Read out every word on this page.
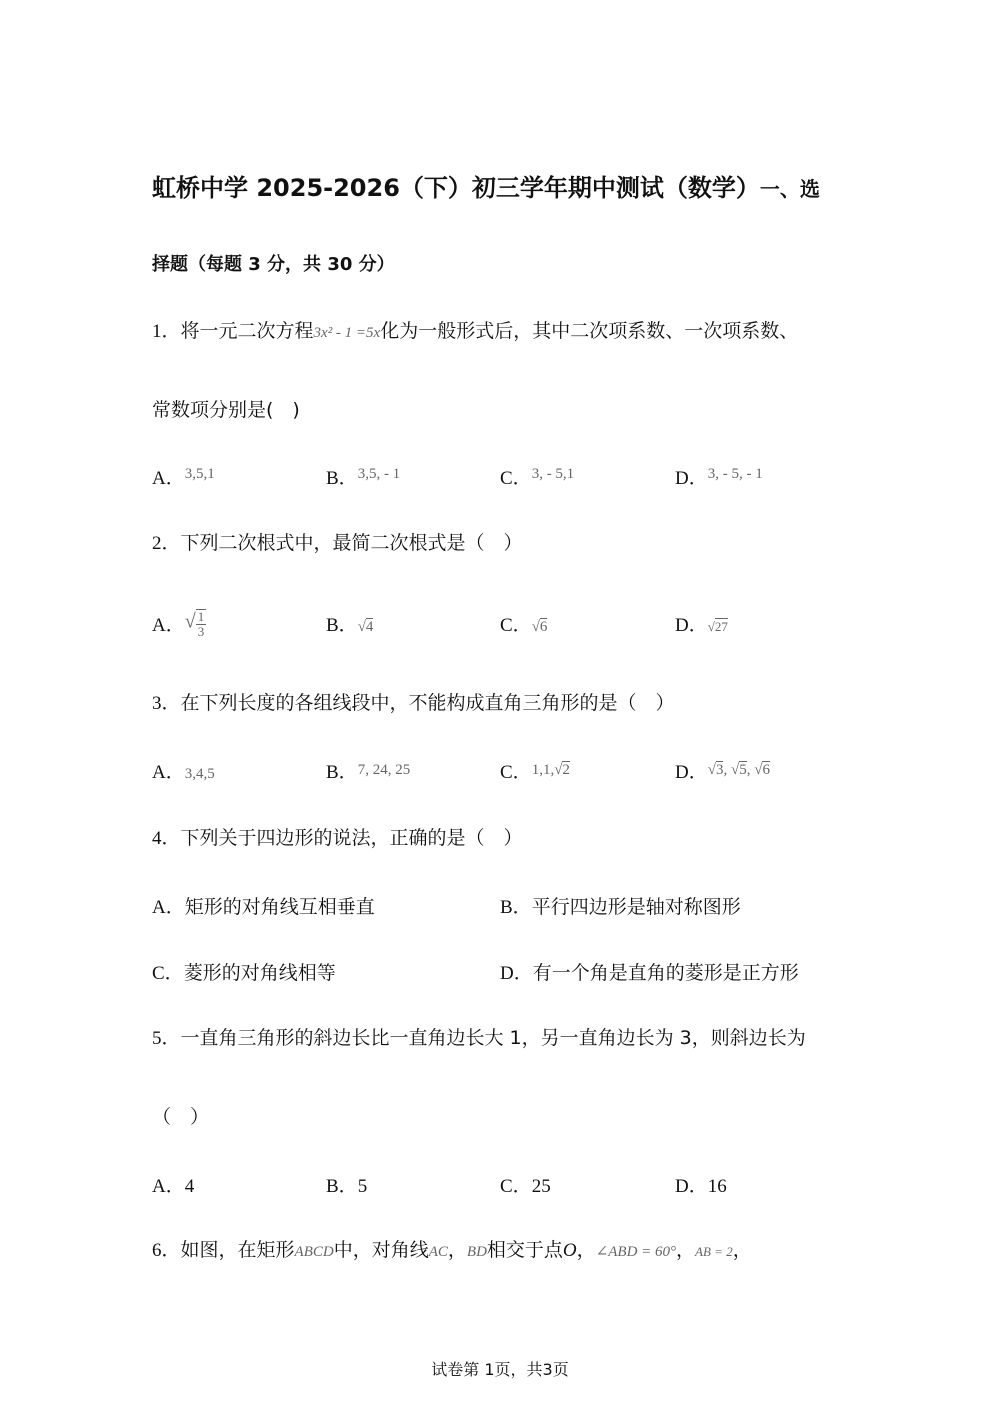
虹桥中学 2025-2026（下）初三学年期中测试（数学）一、选
择题（每题 3 分，共 30 分）
1．将一元二次方程3x² - 1 =5x化为一般形式后，其中二次项系数、一次项系数、
常数项分别是(　)
A．$^{3,5,1}$	B．$^{3,5, - 1}$	C．$^{3, - 5,1}$	D．$^{3, - 5, - 1}$
2．下列二次根式中，最简二次根式是（　）
A．√ $\frac{1}{3}$	B．√4	C．√6	D．√27
3．在下列长度的各组线段中，不能构成直角三角形的是（　）
A．3,4,5	B．$^{7, 24, 25}$	C．$^{1,1,√2}$	D．$^{√3, √5, √6}$
4．下列关于四边形的说法，正确的是（　）
A．矩形的对角线互相垂直	B．平行四边形是轴对称图形
C．菱形的对角线相等	D．有一个角是直角的菱形是正方形
5．一直角三角形的斜边长比一直角边长大 1，另一直角边长为 3，则斜边长为
（　）
A．4	B．5	C．25	D．16
6．如图，在矩形ABCD中，对角线AC，BD相交于点O，∠ABD = 60°，AB = 2，
试卷第 1页，共3页
